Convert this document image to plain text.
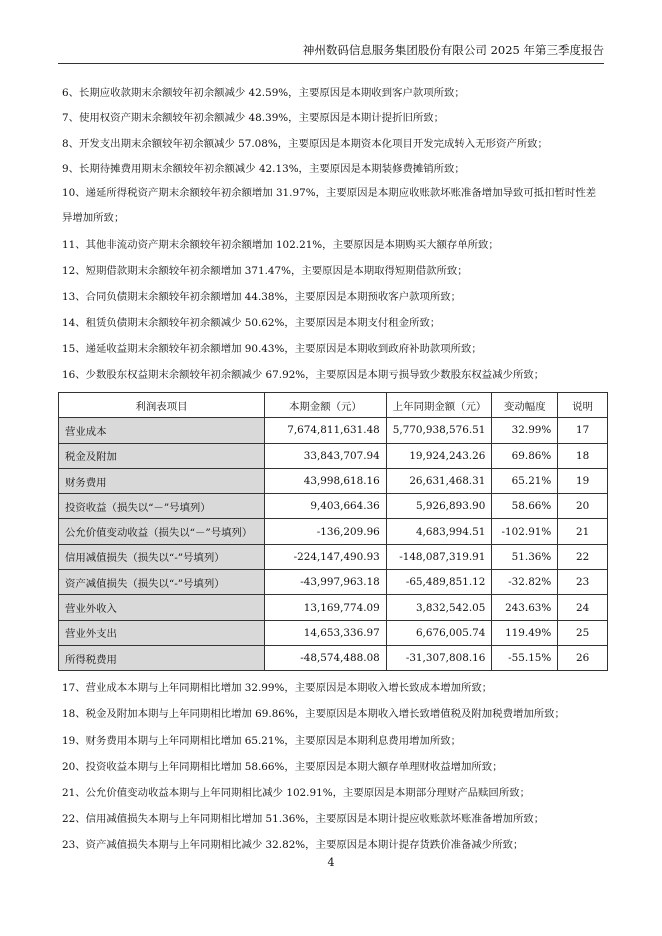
神州数码信息服务集团股份有限公司 2025 年第三季度报告
6、长期应收款期末余额较年初余额减少 42.59%，主要原因是本期收到客户款项所致；
7、使用权资产期末余额较年初余额减少 48.39%，主要原因是本期计提折旧所致；
8、开发支出期末余额较年初余额减少 57.08%，主要原因是本期资本化项目开发完成转入无形资产所致；
9、长期待摊费用期末余额较年初余额减少 42.13%，主要原因是本期装修费摊销所致；
10、递延所得税资产期末余额较年初余额增加 31.97%，主要原因是本期应收账款坏账准备增加导致可抵扣暂时性差异增加所致；
11、其他非流动资产期末余额较年初余额增加 102.21%，主要原因是本期购买大额存单所致；
12、短期借款期末余额较年初余额增加 371.47%，主要原因是本期取得短期借款所致；
13、合同负债期末余额较年初余额增加 44.38%，主要原因是本期预收客户款项所致；
14、租赁负债期末余额较年初余额减少 50.62%，主要原因是本期支付租金所致；
15、递延收益期末余额较年初余额增加 90.43%，主要原因是本期收到政府补助款项所致；
16、少数股东权益期末余额较年初余额减少 67.92%，主要原因是本期亏损导致少数股东权益减少所致；
利润表项目	本期金额（元）	上年同期金额（元）	变动幅度	说明
营业成本	7,674,811,631.48	5,770,938,576.51	32.99%	17
税金及附加	33,843,707.94	19,924,243.26	69.86%	18
财务费用	43,998,618.16	26,631,468.31	65.21%	19
投资收益（损失以“－”号填列）	9,403,664.36	5,926,893.90	58.66%	20
公允价值变动收益（损失以“－”号填列）	-136,209.96	4,683,994.51	-102.91%	21
信用减值损失（损失以“-”号填列）	-224,147,490.93	-148,087,319.91	51.36%	22
资产减值损失（损失以“-”号填列）	-43,997,963.18	-65,489,851.12	-32.82%	23
营业外收入	13,169,774.09	3,832,542.05	243.63%	24
营业外支出	14,653,336.97	6,676,005.74	119.49%	25
所得税费用	-48,574,488.08	-31,307,808.16	-55.15%	26
17、营业成本本期与上年同期相比增加 32.99%，主要原因是本期收入增长致成本增加所致；
18、税金及附加本期与上年同期相比增加 69.86%，主要原因是本期收入增长致增值税及附加税费增加所致；
19、财务费用本期与上年同期相比增加 65.21%，主要原因是本期利息费用增加所致；
20、投资收益本期与上年同期相比增加 58.66%，主要原因是本期大额存单理财收益增加所致；
21、公允价值变动收益本期与上年同期相比减少 102.91%，主要原因是本期部分理财产品赎回所致；
22、信用减值损失本期与上年同期相比增加 51.36%，主要原因是本期计提应收账款坏账准备增加所致；
23、资产减值损失本期与上年同期相比减少 32.82%，主要原因是本期计提存货跌价准备减少所致；
4
